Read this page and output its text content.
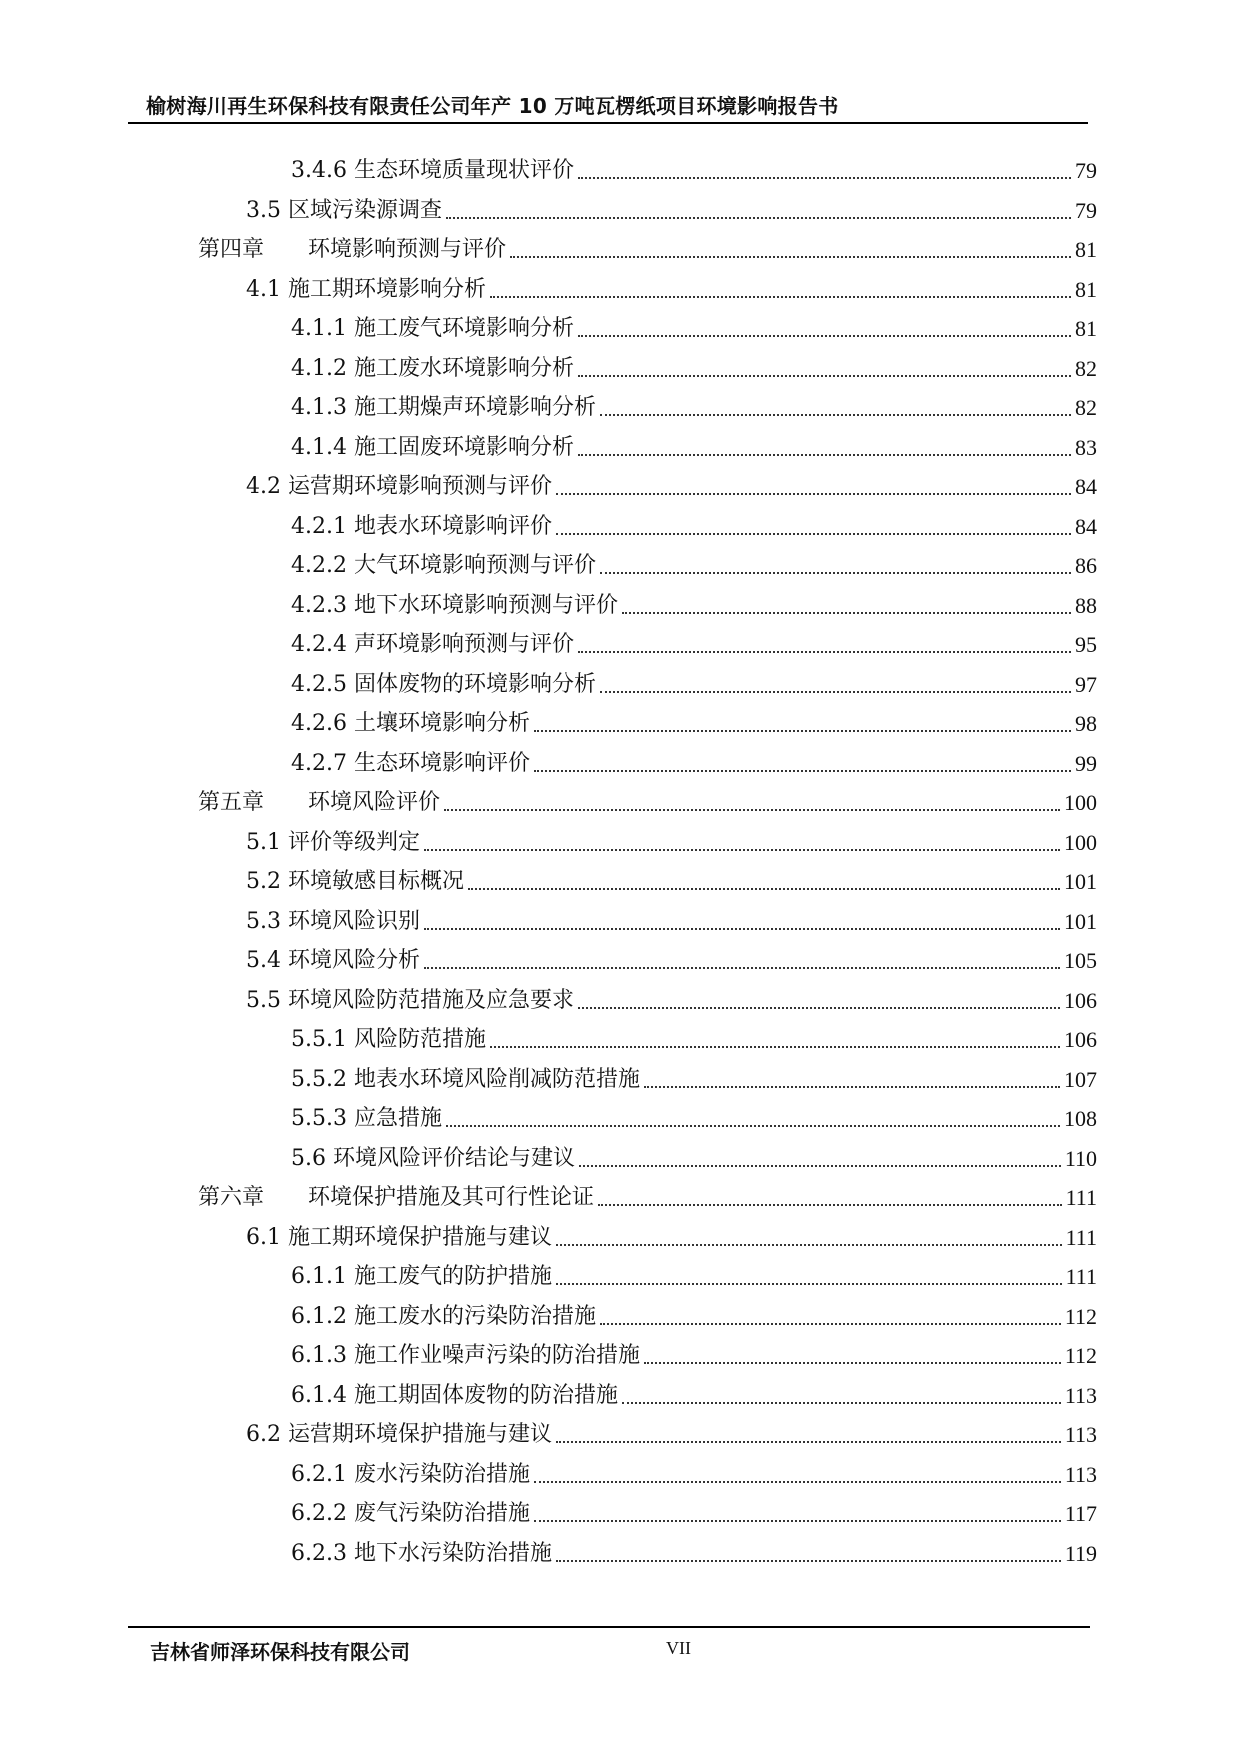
榆树海川再生环保科技有限责任公司年产 10 万吨瓦楞纸项目环境影响报告书
3.4.6 生态环境质量现状评价	79
3.5 区域污染源调查	79
第四章 环境影响预测与评价	81
4.1 施工期环境影响分析	81
4.1.1 施工废气环境影响分析	81
4.1.2 施工废水环境影响分析	82
4.1.3 施工期燥声环境影响分析	82
4.1.4 施工固废环境影响分析	83
4.2 运营期环境影响预测与评价	84
4.2.1 地表水环境影响评价	84
4.2.2 大气环境影响预测与评价	86
4.2.3 地下水环境影响预测与评价	88
4.2.4 声环境影响预测与评价	95
4.2.5 固体废物的环境影响分析	97
4.2.6 土壤环境影响分析	98
4.2.7 生态环境影响评价	99
第五章 环境风险评价	100
5.1 评价等级判定	100
5.2 环境敏感目标概况	101
5.3 环境风险识别	101
5.4 环境风险分析	105
5.5 环境风险防范措施及应急要求	106
5.5.1 风险防范措施	106
5.5.2 地表水环境风险削减防范措施	107
5.5.3 应急措施	108
5.6 环境风险评价结论与建议	110
第六章 环境保护措施及其可行性论证	111
6.1 施工期环境保护措施与建议	111
6.1.1 施工废气的防护措施	111
6.1.2 施工废水的污染防治措施	112
6.1.3 施工作业噪声污染的防治措施	112
6.1.4 施工期固体废物的防治措施	113
6.2 运营期环境保护措施与建议	113
6.2.1 废水污染防治措施	113
6.2.2 废气污染防治措施	117
6.2.3 地下水污染防治措施	119
吉林省师泽环保科技有限公司	VII
